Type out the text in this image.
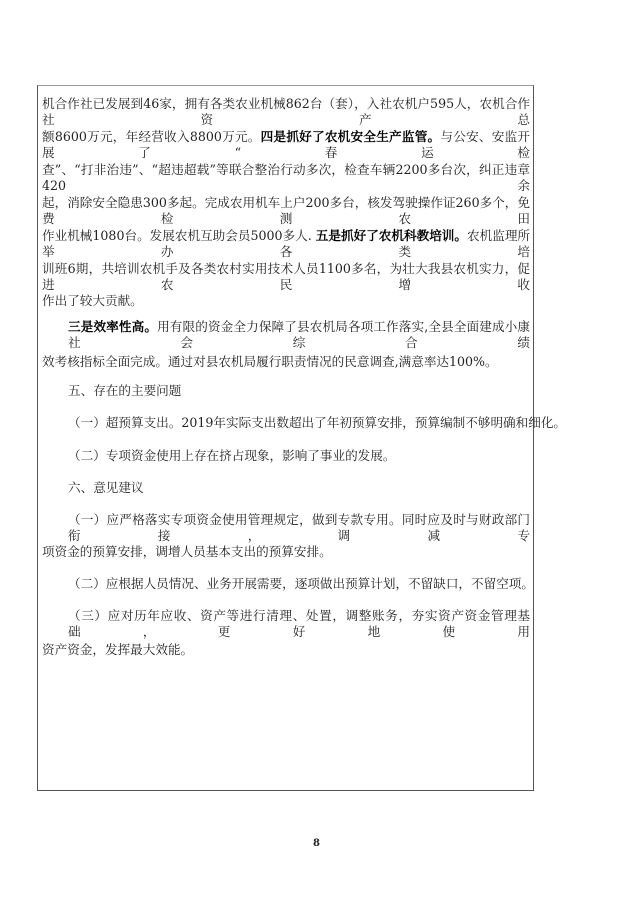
机合作社已发展到46家，拥有各类农业机械862台（套），入社农机户595人，农机合作社资产总
额8600万元，年经营收入8800万元。四是抓好了农机安全生产监管。与公安、安监开展了“春运检
查”、“打非治违”、“超违超载”等联合整治行动多次，检查车辆2200多台次，纠正违章420余
起，消除安全隐患300多起。完成农用机车上户200多台，核发驾驶操作证260多个，免费检测农田
作业机械1080台。发展农机互助会员5000多人. 五是抓好了农机科教培训。农机监理所举办各类培
训班6期，共培训农机手及各类农村实用技术人员1100多名，为壮大我县农机实力，促进农民增收
作出了较大贡献。
三是效率性高。用有限的资金全力保障了县农机局各项工作落实,全县全面建成小康社会综合绩
效考核指标全面完成。通过对县农机局履行职责情况的民意调查,满意率达100%。
五、存在的主要问题
（一）超预算支出。2019年实际支出数超出了年初预算安排，预算编制不够明确和细化。
（二）专项资金使用上存在挤占现象，影响了事业的发展。
六、意见建议
（一）应严格落实专项资金使用管理规定，做到专款专用。同时应及时与财政部门衔接，调减专
项资金的预算安排，调增人员基本支出的预算安排。
（二）应根据人员情况、业务开展需要，逐项做出预算计划，不留缺口，不留空项。
（三）应对历年应收、资产等进行清理、处置，调整账务，夯实资产资金管理基础，更好地使用
资产资金，发挥最大效能。
8
